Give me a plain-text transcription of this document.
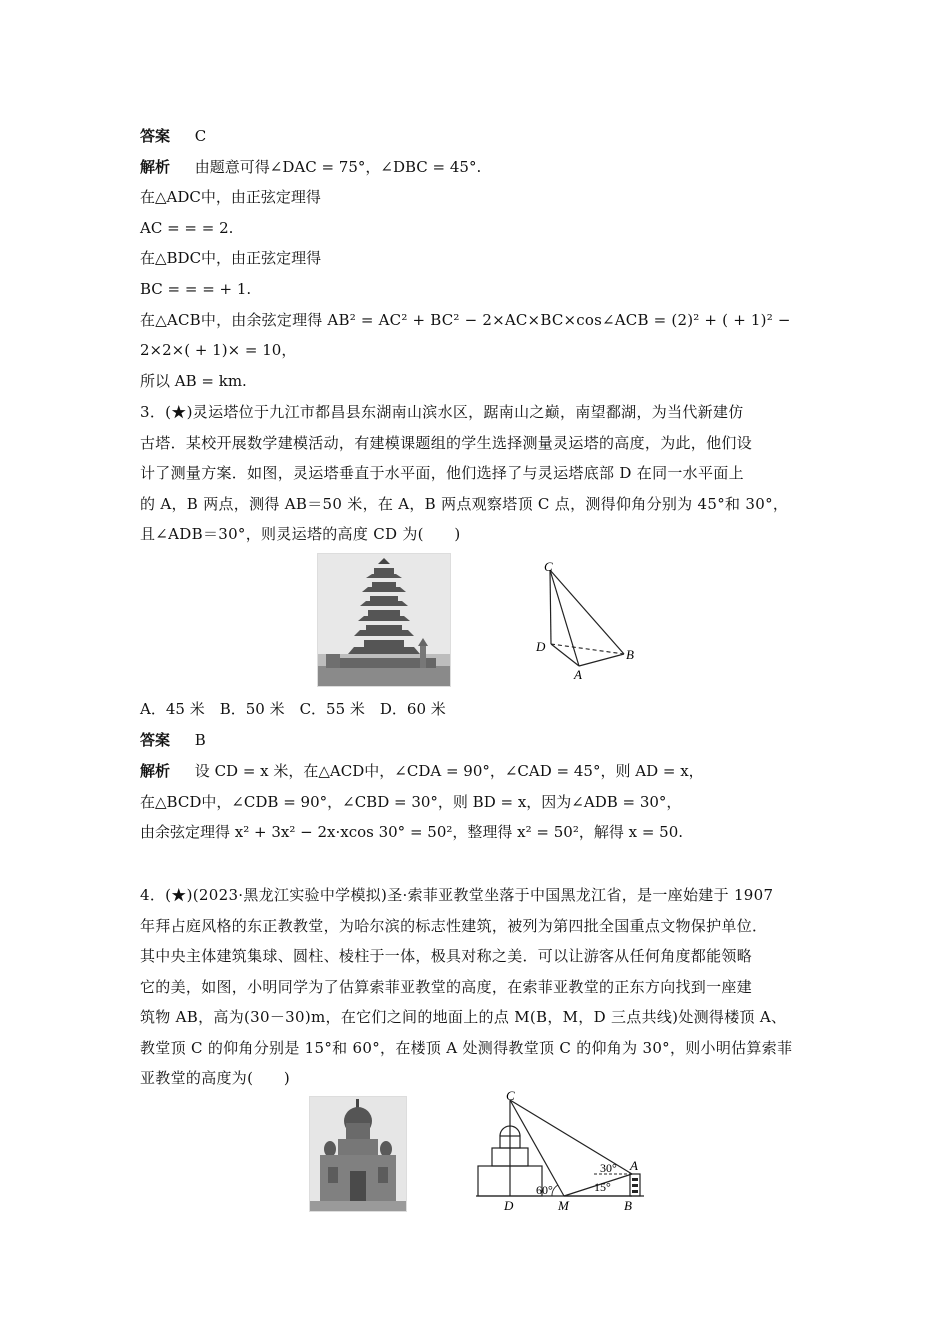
答案 C
解析 由题意可得∠DAC = 75°，∠DBC = 45°.
在△ADC中，由正弦定理得
AC = = = 2.
在△BDC中，由正弦定理得
BC = = = + 1.
在△ACB中，由余弦定理得 AB² = AC² + BC² − 2×AC×BC×cos∠ACB = (2)² + ( + 1)² −
2×2×( + 1)× = 10，
所以 AB = km.
3．(★)灵运塔位于九江市都昌县东湖南山滨水区，踞南山之巅，南望鄱湖，为当代新建仿
古塔．某校开展数学建模活动，有建模课题组的学生选择测量灵运塔的高度，为此，他们设
计了测量方案．如图，灵运塔垂直于水平面，他们选择了与灵运塔底部 D 在同一水平面上
的 A，B 两点，测得 AB＝50 米，在 A，B 两点观察塔顶 C 点，测得仰角分别为 45°和 30°，
且∠ADB＝30°，则灵运塔的高度 CD 为(　　)
C
D
A
B
A．45 米　B．50 米　C．55 米　D．60 米
答案 B
解析 设 CD = x 米，在△ACD中，∠CDA = 90°，∠CAD = 45°，则 AD = x，
在△BCD中，∠CDB = 90°，∠CBD = 30°，则 BD = x，因为∠ADB = 30°，
由余弦定理得 x² + 3x² − 2x·xcos 30° = 50²，整理得 x² = 50²，解得 x = 50.
4．(★)(2023·黑龙江实验中学模拟)圣·索菲亚教堂坐落于中国黑龙江省，是一座始建于 1907
年拜占庭风格的东正教教堂，为哈尔滨的标志性建筑，被列为第四批全国重点文物保护单位．
其中央主体建筑集球、圆柱、棱柱于一体，极具对称之美．可以让游客从任何角度都能领略
它的美，如图，小明同学为了估算索菲亚教堂的高度，在索菲亚教堂的正东方向找到一座建
筑物 AB，高为(30－30)m，在它们之间的地面上的点 M(B，M，D 三点共线)处测得楼顶 A、
教堂顶 C 的仰角分别是 15°和 60°，在楼顶 A 处测得教堂顶 C 的仰角为 30°，则小明估算索菲
亚教堂的高度为(　　)
C
A
D	M	B
60°
30°
15°
